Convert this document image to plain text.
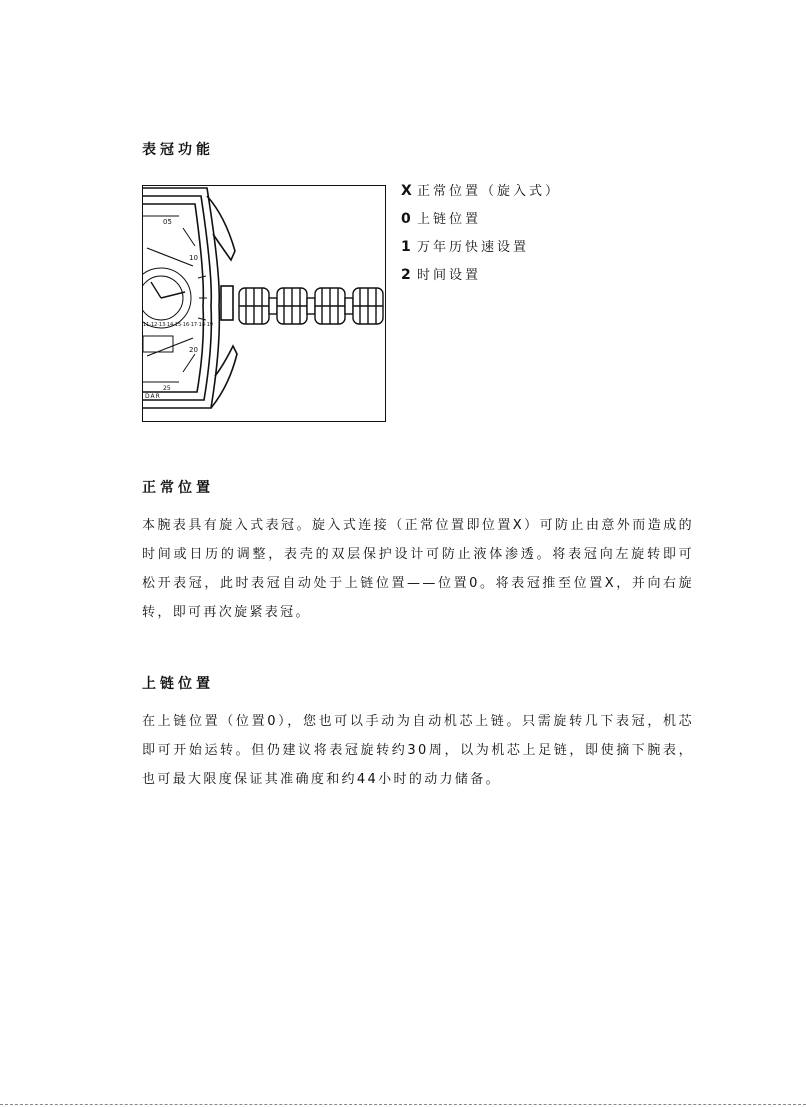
表冠功能
05
10
20
25
11·12·13·14·15·16·17·18·19
DAR
X 正常位置（旋入式）
0 上链位置
1 万年历快速设置
2 时间设置
正常位置

本腕表具有旋入式表冠。旋入式连接（正常位置即位置X）可防止由意外而造成的时间或日历的调整，表壳的双层保护设计可防止液体渗透。将表冠向左旋转即可松开表冠，此时表冠自动处于上链位置——位置0。将表冠推至位置X，并向右旋转，即可再次旋紧表冠。

上链位置

在上链位置（位置0），您也可以手动为自动机芯上链。只需旋转几下表冠，机芯即可开始运转。但仍建议将表冠旋转约30周，以为机芯上足链，即使摘下腕表，也可最大限度保证其准确度和约44小时的动力储备。
